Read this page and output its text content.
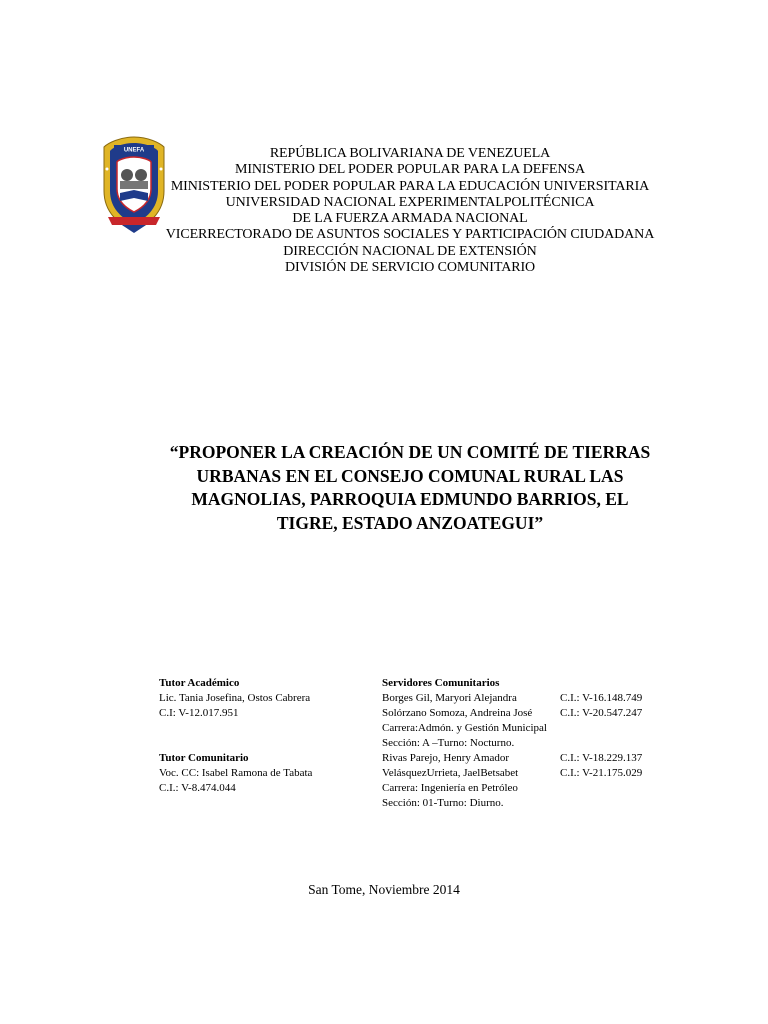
UNEFA	REPÚBLICA BOLIVARIANA DE VENEZUELA
MINISTERIO DEL PODER POPULAR PARA LA DEFENSA
MINISTERIO DEL PODER POPULAR PARA LA EDUCACIÓN UNIVERSITARIA
UNIVERSIDAD NACIONAL EXPERIMENTALPOLITÉCNICA
DE LA FUERZA ARMADA NACIONAL
VICERRECTORADO DE ASUNTOS SOCIALES Y PARTICIPACIÓN CIUDADANA
DIRECCIÓN NACIONAL DE EXTENSIÓN
DIVISIÓN DE SERVICIO COMUNITARIO
“PROPONER LA CREACIÓN DE UN COMITÉ DE TIERRAS
URBANAS EN EL CONSEJO COMUNAL RURAL LAS
MAGNOLIAS, PARROQUIA EDMUNDO BARRIOS, EL
TIGRE, ESTADO ANZOATEGUI”
Tutor Académico
Lic. Tania Josefina, Ostos Cabrera
C.I: V-12.017.951
Tutor Comunitario
Voc. CC: Isabel Ramona de Tabata
C.I.: V-8.474.044
Servidores Comunitarios
Borges Gil, Maryori Alejandra	C.I.: V-16.148.749
Solórzano Somoza, Andreina José	C.I.: V-20.547.247
Carrera:Admón. y Gestión Municipal
Sección: A –Turno: Nocturno.
Rivas Parejo, Henry Amador	C.I.: V-18.229.137
VelásquezUrrieta, JaelBetsabet	C.I.: V-21.175.029
Carrera: Ingeniería en Petróleo
Sección: 01-Turno: Diurno.
San Tome, Noviembre 2014
